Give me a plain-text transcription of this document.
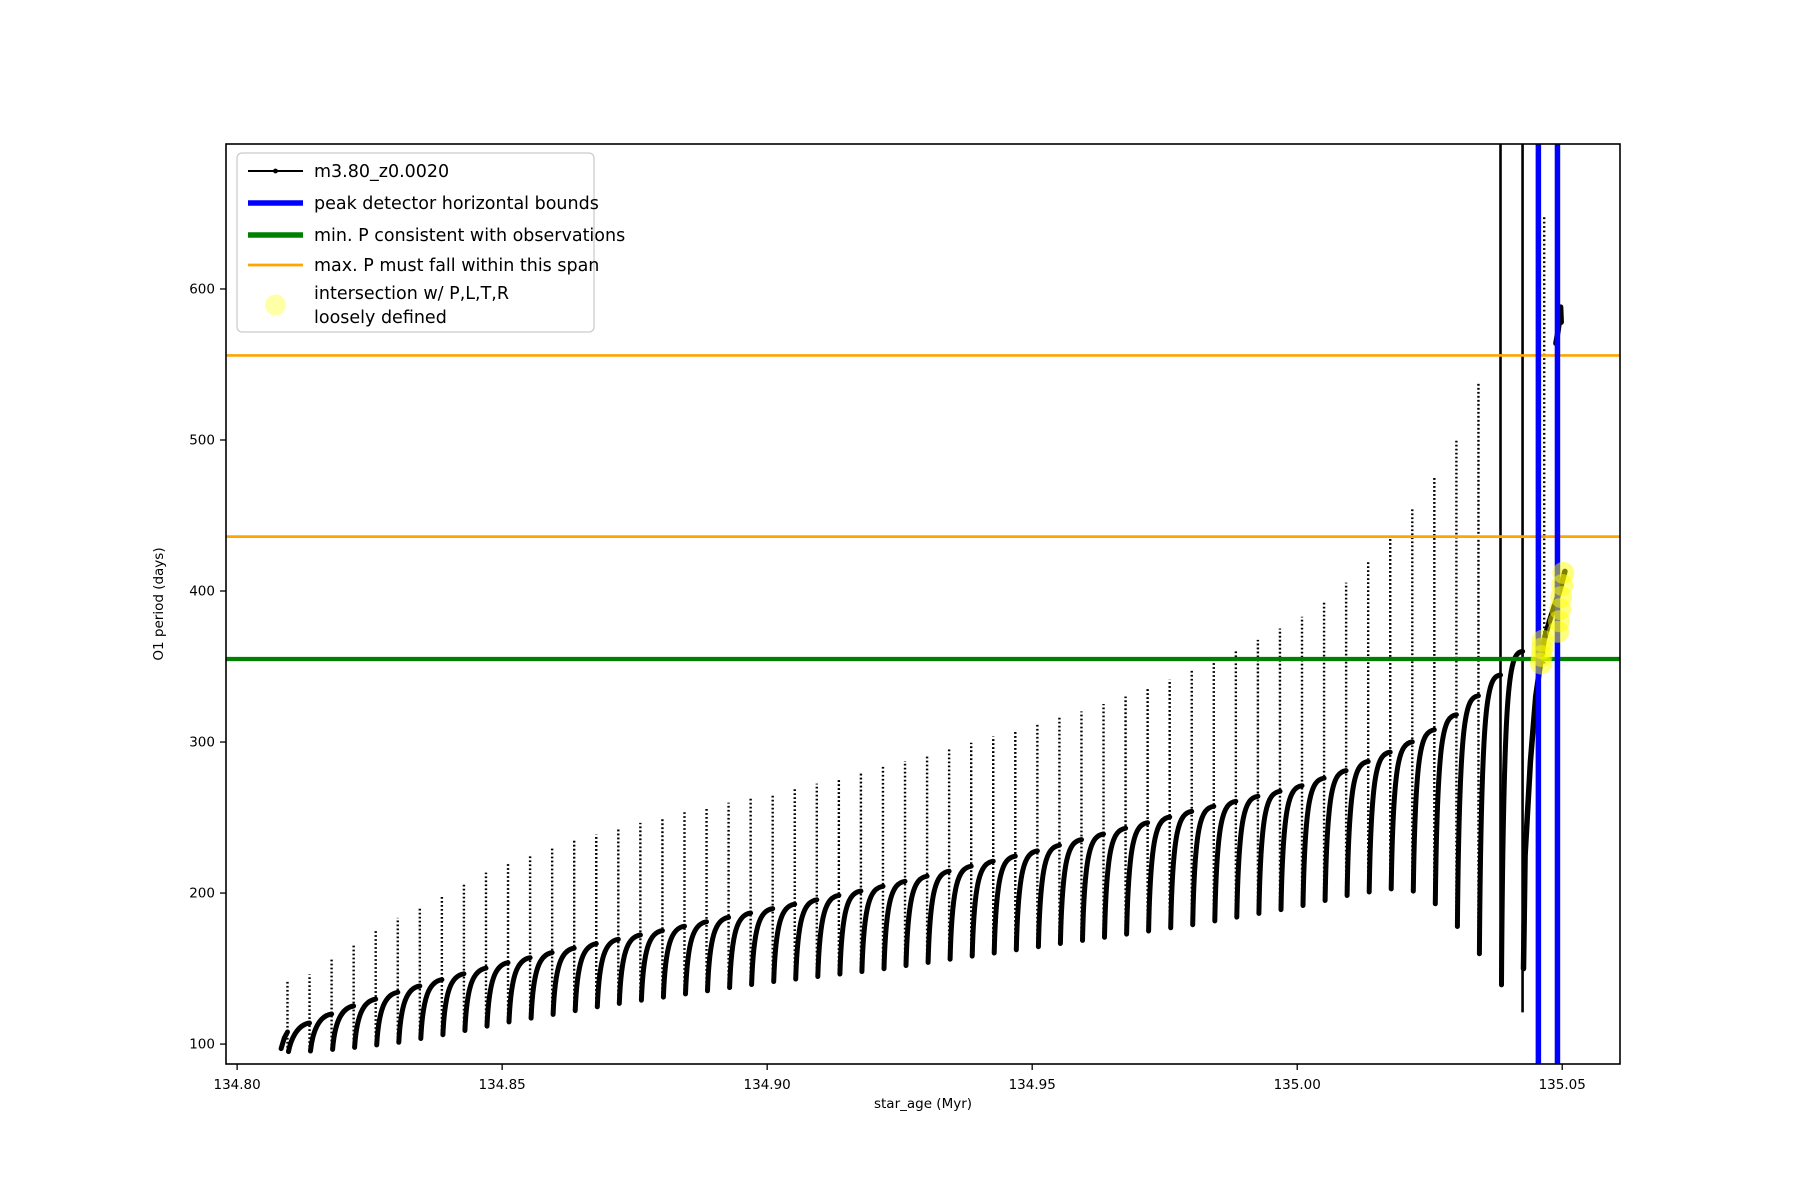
134.80	134.85	134.90	134.95	135.00	135.05
100
200
300
400
500
600
star_age (Myr)
O1 period (days)
m3.80_z0.0020
peak detector horizontal bounds
min. P consistent with observations
max. P must fall within this span
intersection w/ P,L,T,R
loosely defined
